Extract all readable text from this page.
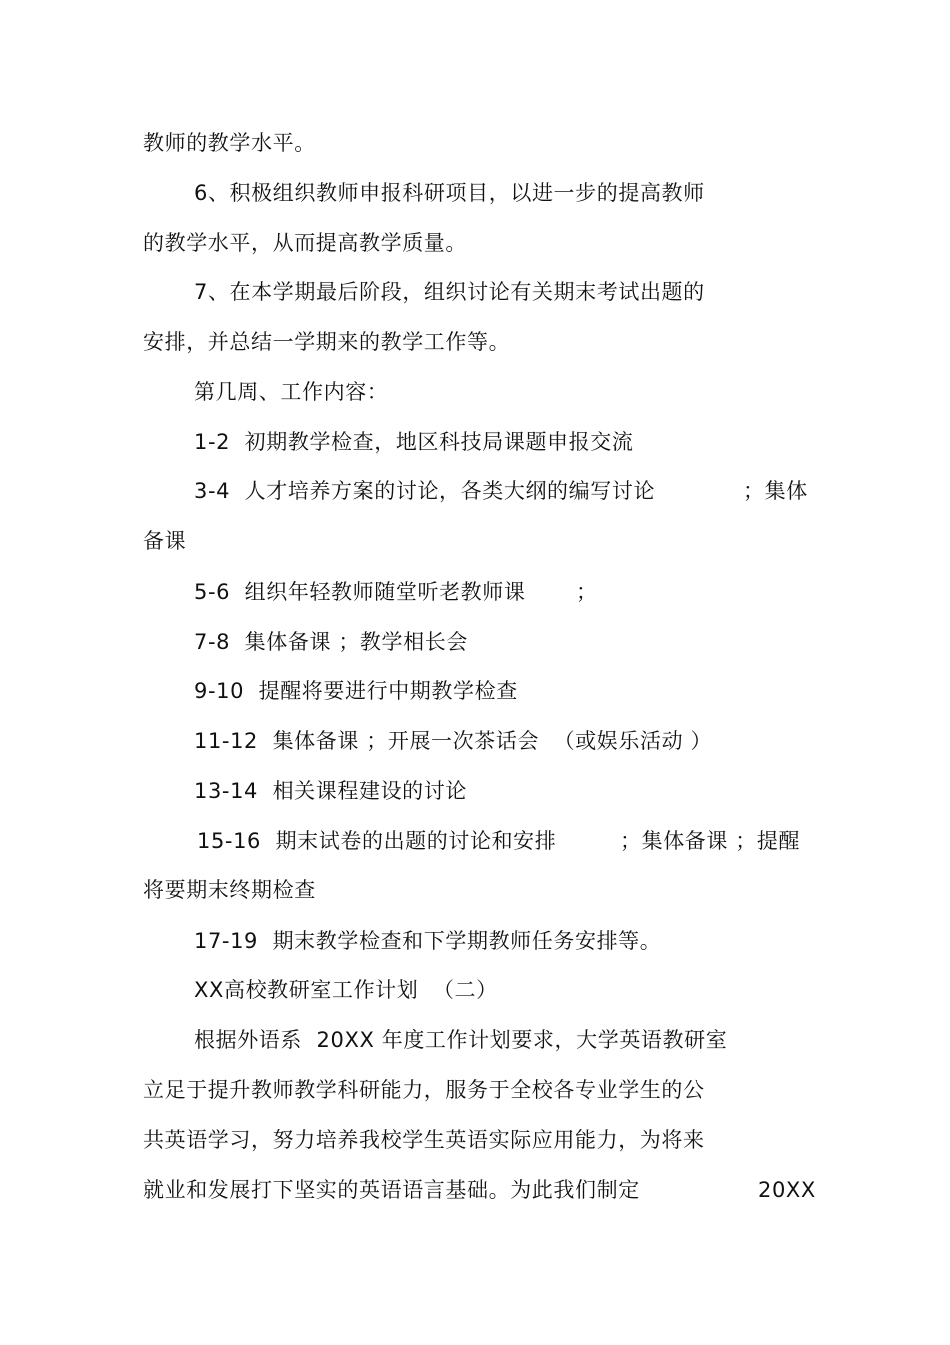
教师的教学水平。
6、积极组织教师申报科研项目，以进一步的提高教师
的教学水平，从而提高教学质量。
7、在本学期最后阶段，组织讨论有关期末考试出题的
安排，并总结一学期来的教学工作等。
第几周、工作内容：
1-2  初期教学检查，地区科技局课题申报交流
3-4  人才培养方案的讨论，各类大纲的编写讨论	；集体
备课
5-6  组织年轻教师随堂听老教师课 ；
7-8  集体备课 ；教学相长会
9-10  提醒将要进行中期教学检查
11-12  集体备课 ；开展一次茶话会  （或娱乐活动 ）
13-14  相关课程建设的讨论
15-16  期末试卷的出题的讨论和安排	；集体备课 ；提醒
将要期末终期检查
17-19  期末教学检查和下学期教师任务安排等。
XX高校教研室工作计划  （二）
根据外语系  20XX 年度工作计划要求，大学英语教研室
立足于提升教师教学科研能力，服务于全校各专业学生的公
共英语学习，努力培养我校学生英语实际应用能力，为将来
就业和发展打下坚实的英语语言基础。为此我们制定	20XX
